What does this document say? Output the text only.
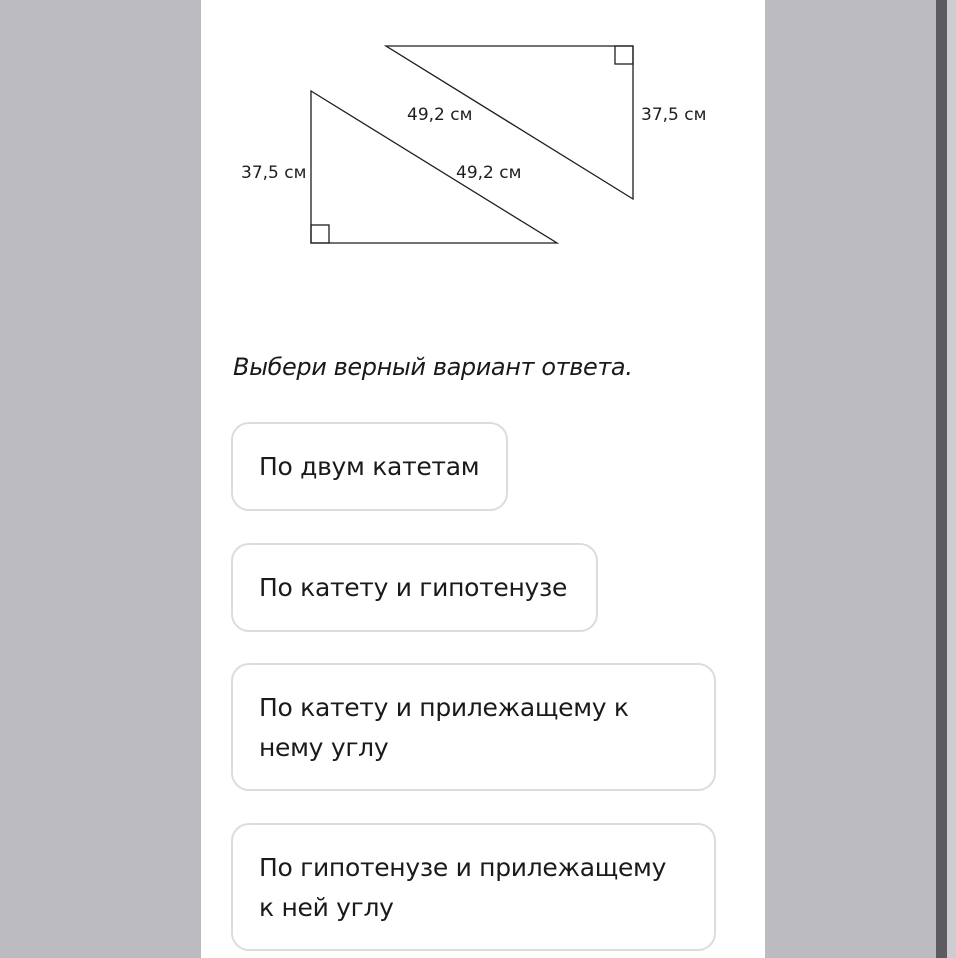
49,2 см	37,5 см
49,2 см
37,5 см
Выбери верный вариант ответа.
По двум катетам
По катету и гипотенузе
По катету и прилежащему к нему углу
По гипотенузе и прилежащему к ней углу
